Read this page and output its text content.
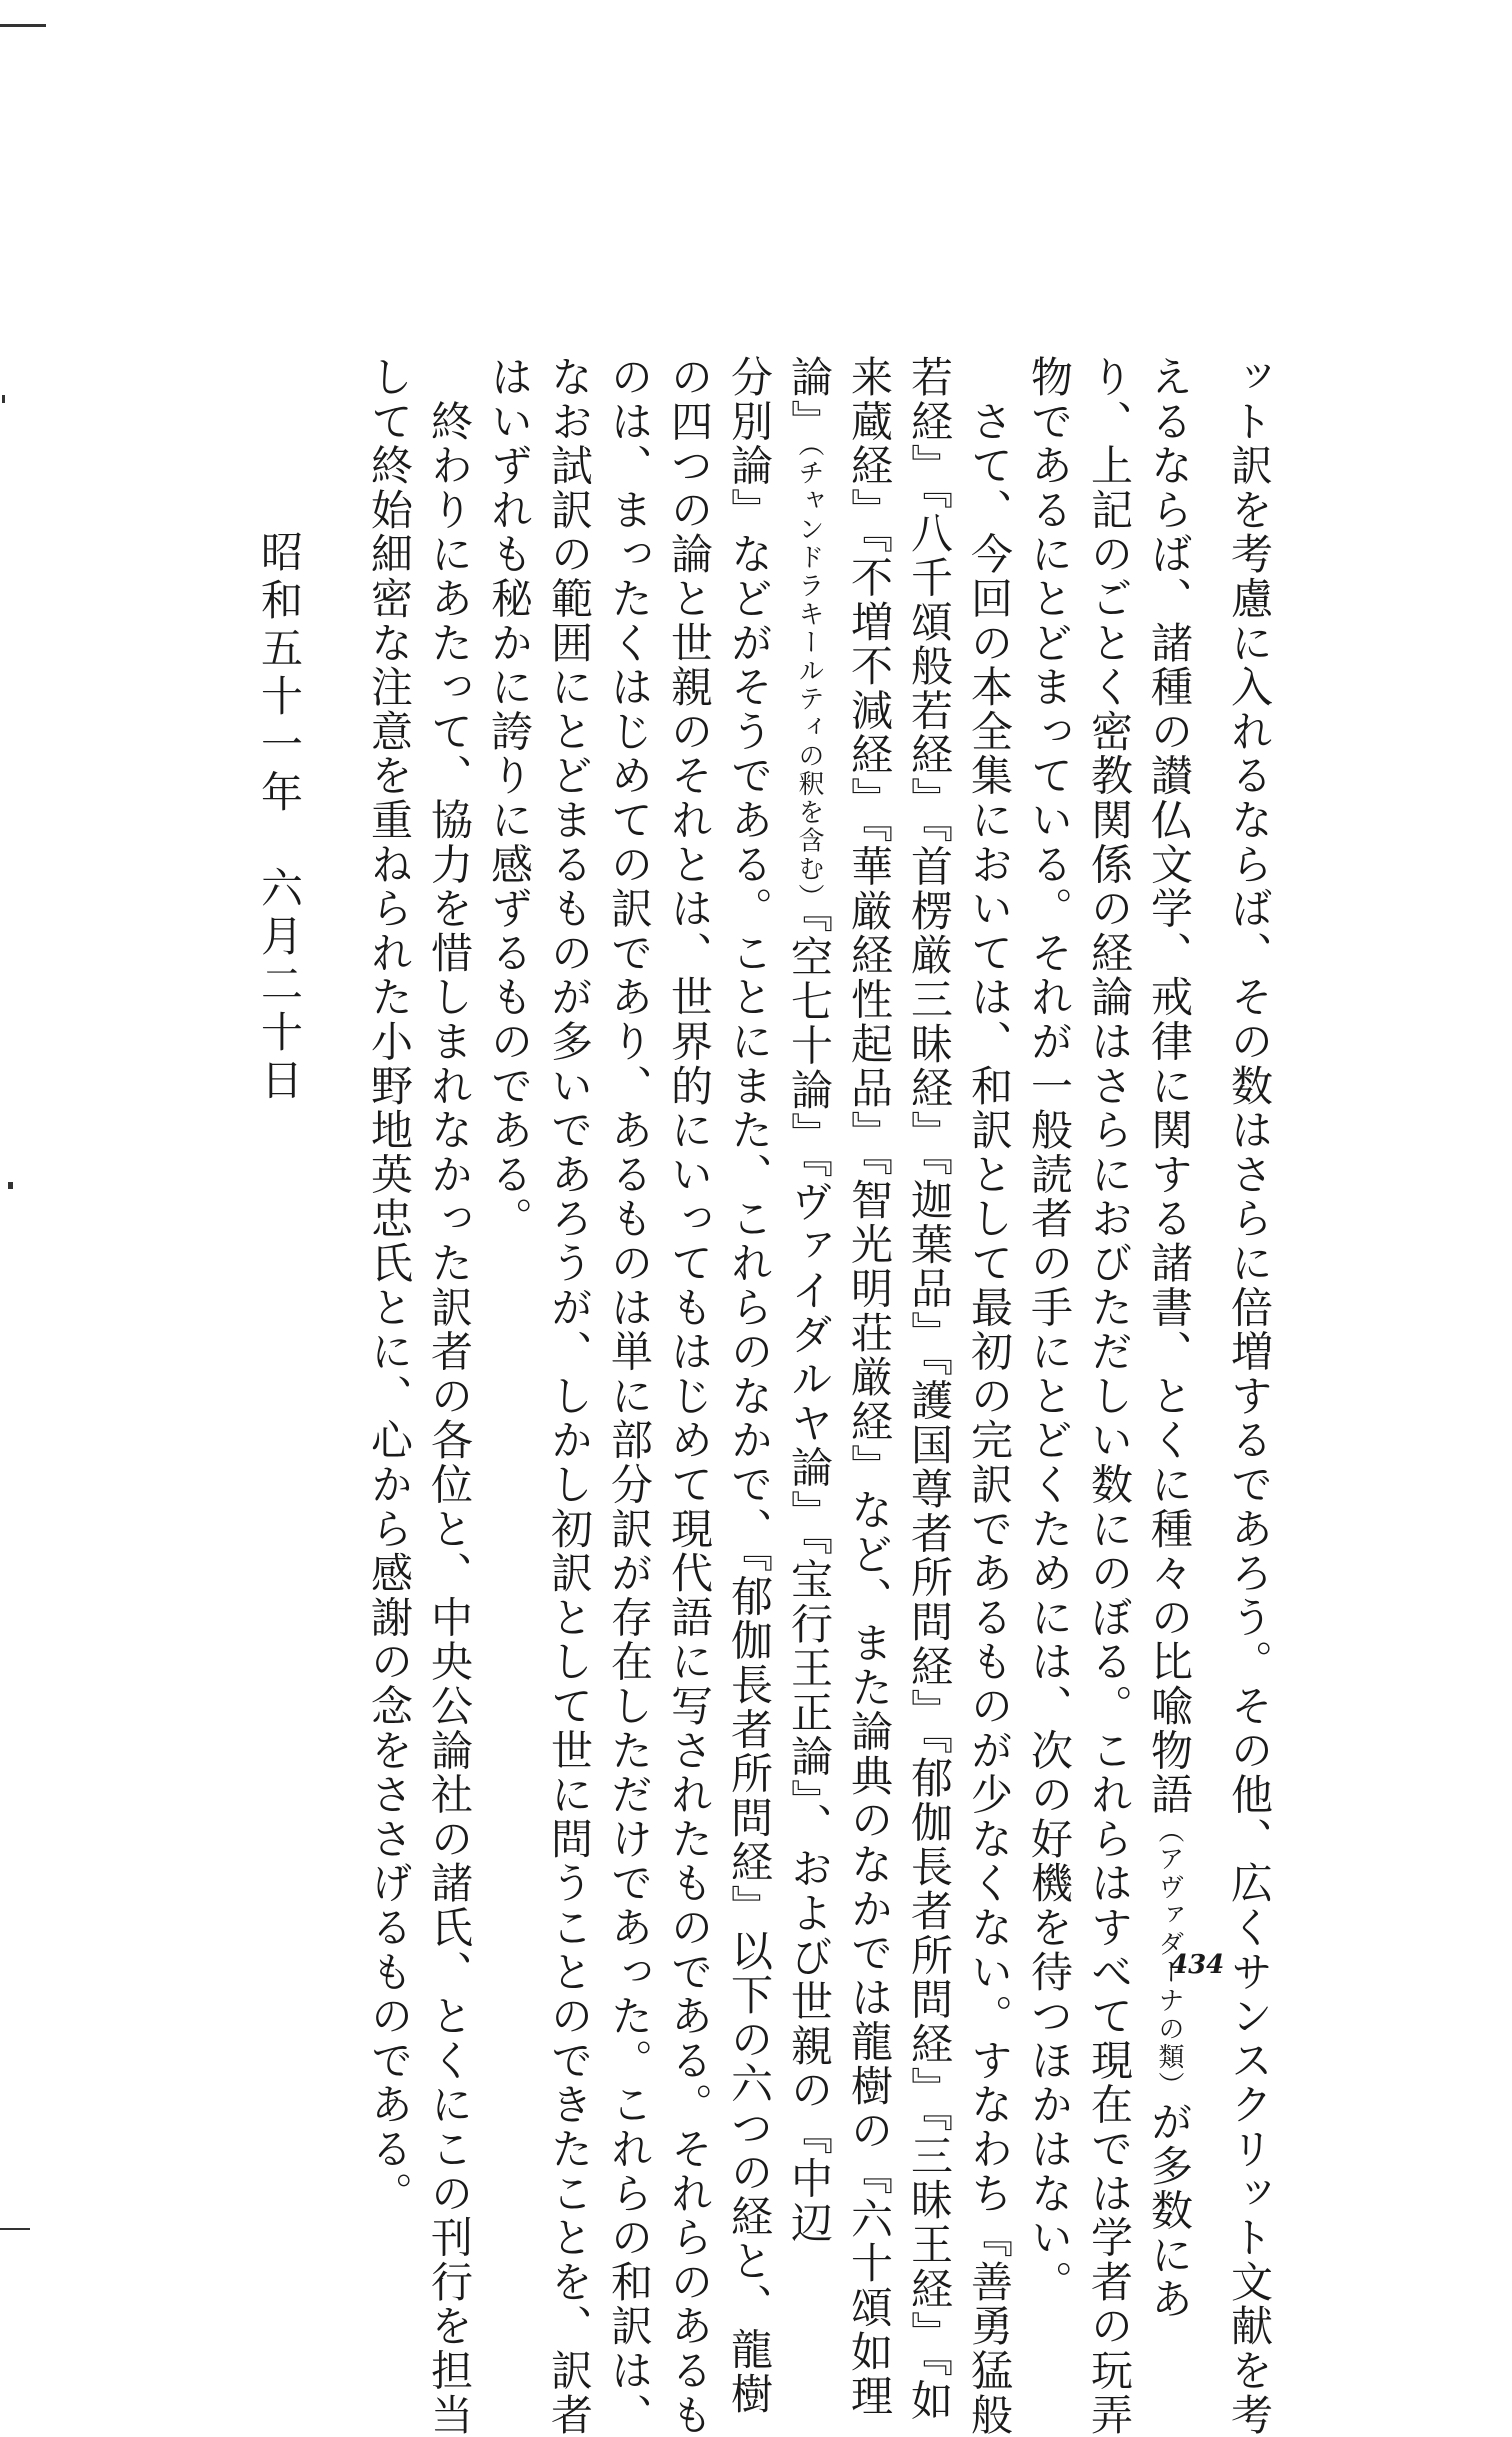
ット訳を考慮に入れるならば、その数はさらに倍増するであろう。その他、広くサンスクリット文献を考
えるならば、諸種の讃仏文学、戒律に関する諸書、とくに種々の比喩物語（アヴァダーナの類）が多数にあ
り、上記のごとく密教関係の経論はさらにおびただしい数にのぼる。これらはすべて現在では学者の玩弄
物であるにとどまっている。それが一般読者の手にとどくためには、次の好機を待つほかはない。
　さて、今回の本全集においては、和訳として最初の完訳であるものが少なくない。すなわち『善勇猛般
若経』『八千頌般若経』『首楞厳三昧経』『迦葉品』『護国尊者所問経』『郁伽長者所問経』『三昧王経』『如
来蔵経』『不増不減経』『華厳経性起品』『智光明荘厳経』など、また論典のなかでは龍樹の『六十頌如理
論』（チャンドラキールティの釈を含む）『空七十論』『ヴァイダルヤ論』『宝行王正論』、および世親の『中辺
分別論』などがそうである。ことにまた、これらのなかで、『郁伽長者所問経』以下の六つの経と、龍樹
の四つの論と世親のそれとは、世界的にいってもはじめて現代語に写されたものである。それらのあるも
のは、まったくはじめての訳であり、あるものは単に部分訳が存在しただけであった。これらの和訳は、
なお試訳の範囲にとどまるものが多いであろうが、しかし初訳として世に問うことのできたことを、訳者
はいずれも秘かに誇りに感ずるものである。
　終わりにあたって、協力を惜しまれなかった訳者の各位と、中央公論社の諸氏、とくにこの刊行を担当
して終始細密な注意を重ねられた小野地英忠氏とに、心から感謝の念をささげるものである。
昭和五十一年　六月二十日
434
